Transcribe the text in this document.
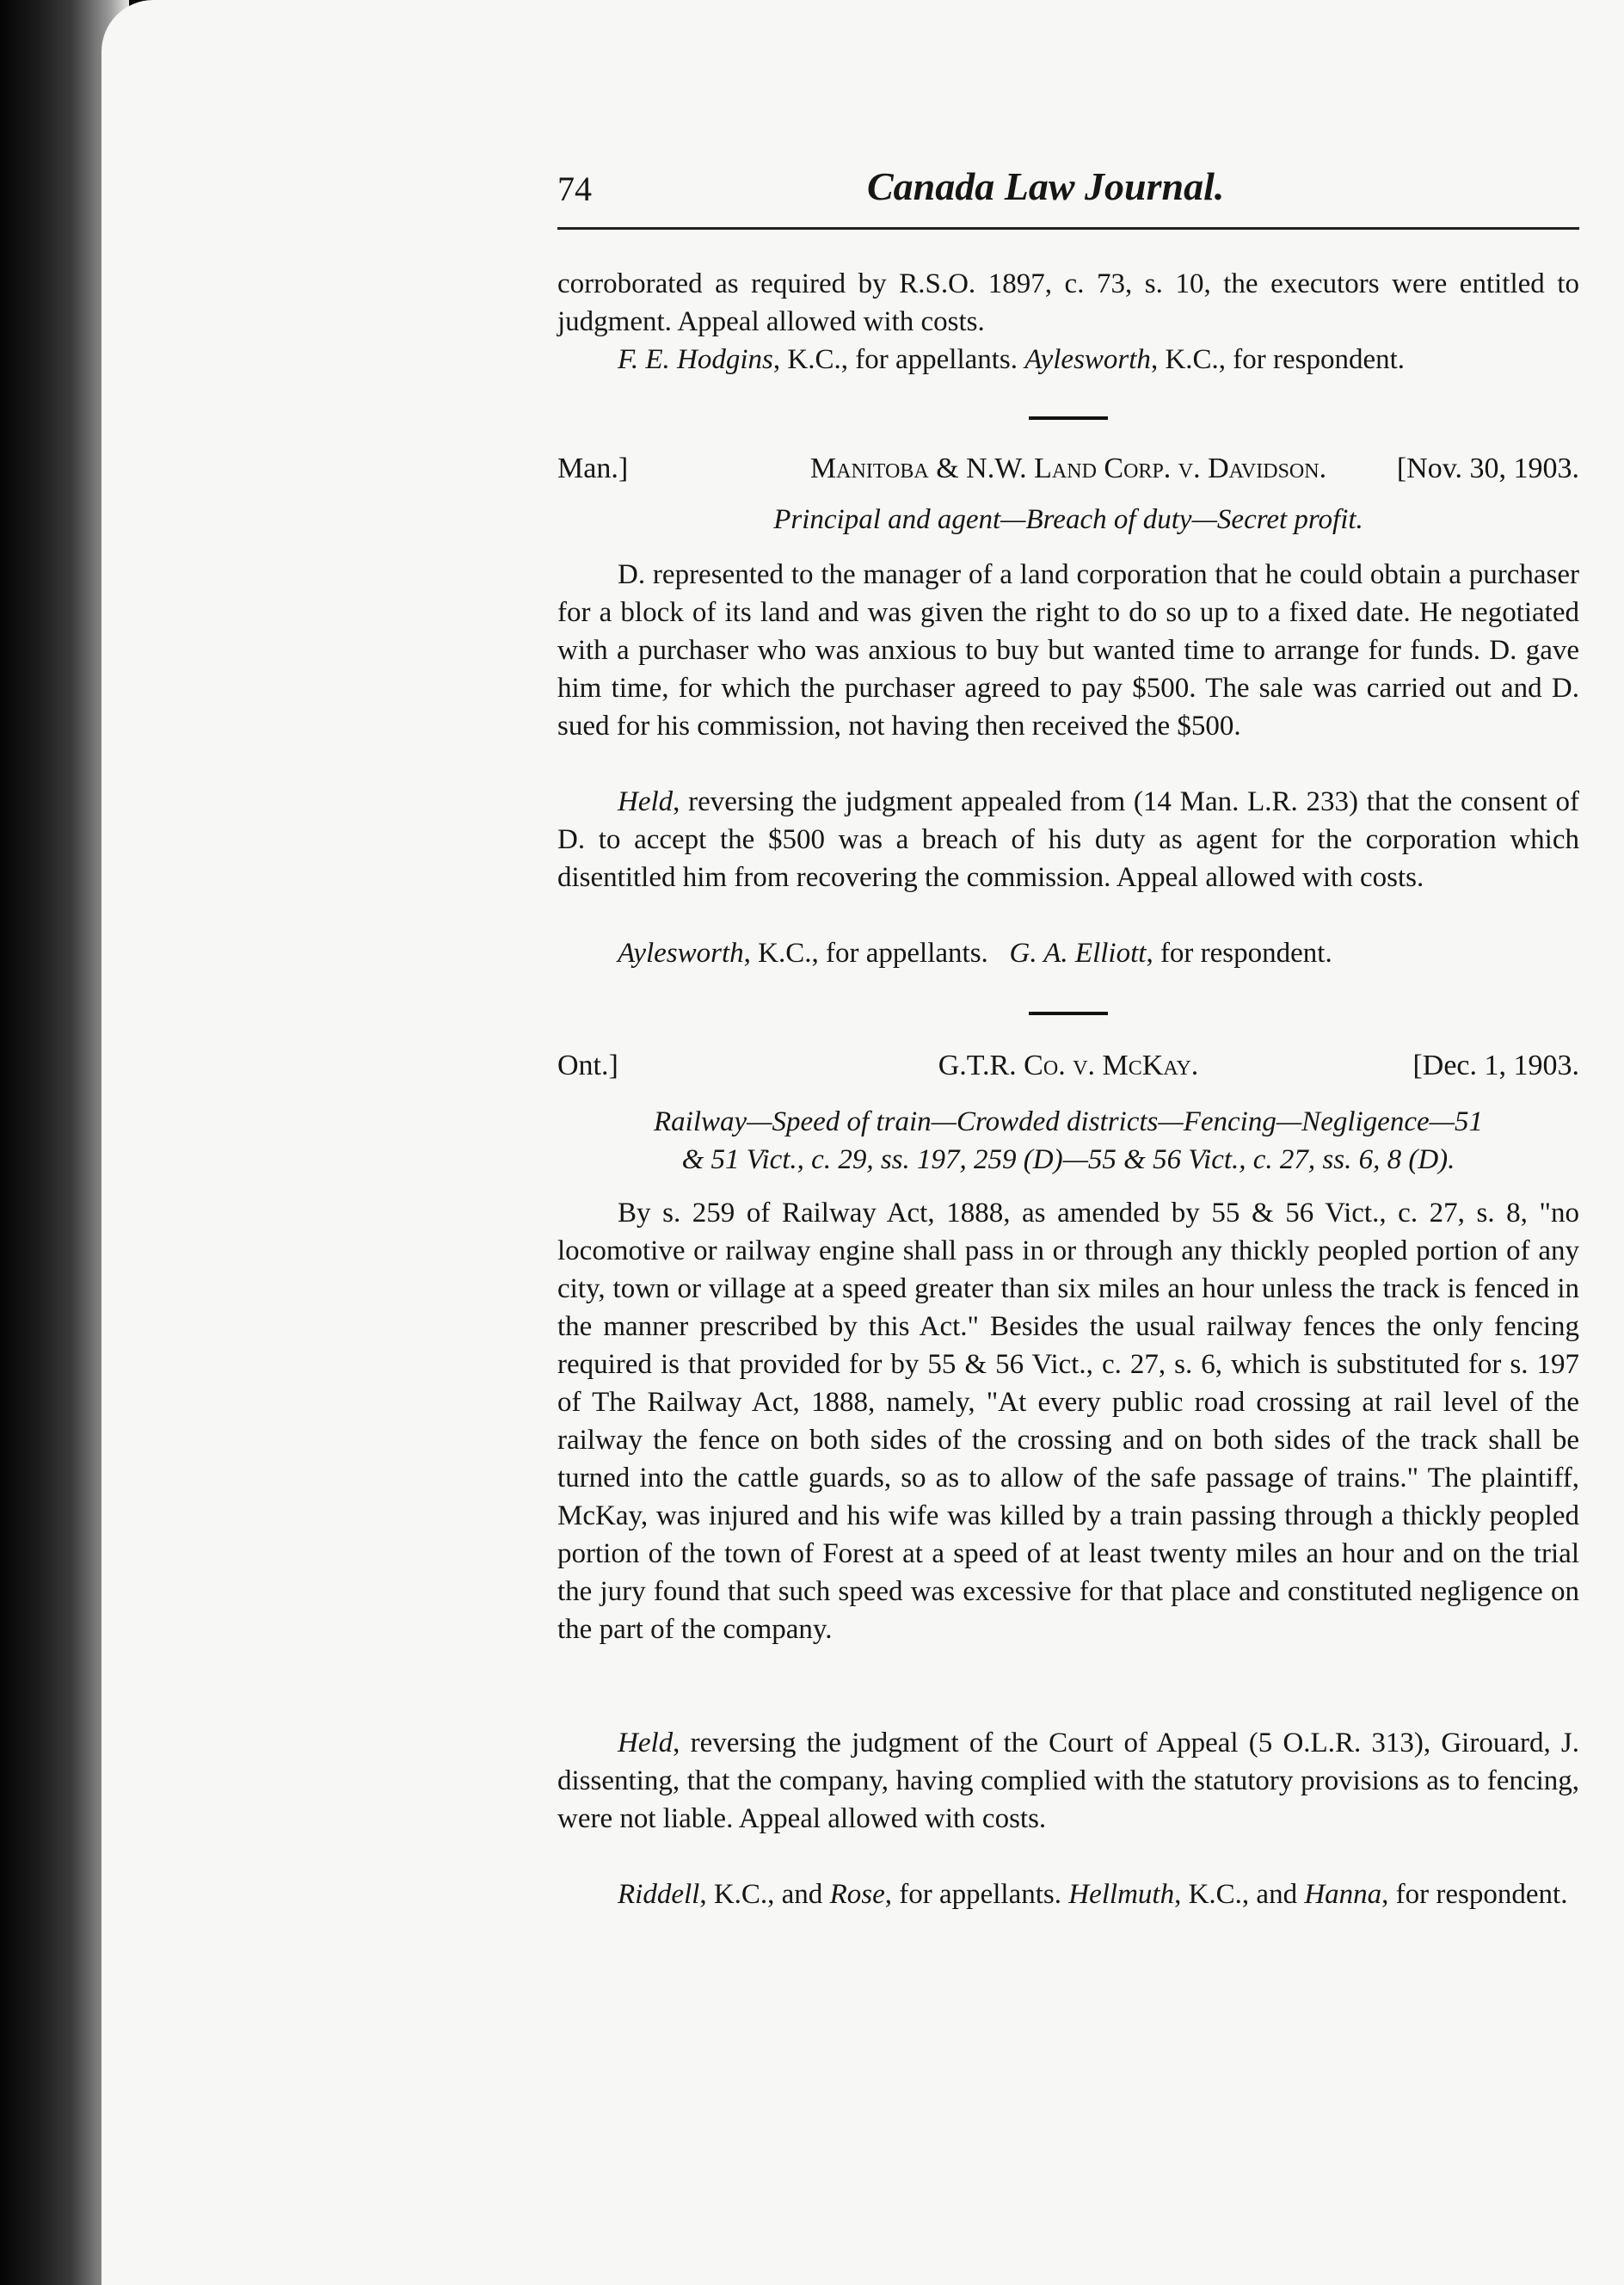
74	Canada Law Journal.

corroborated as required by R.S.O. 1897, c. 73, s. 10, the executors were entitled to judgment. Appeal allowed with costs.

F. E. Hodgins, K.C., for appellants. Aylesworth, K.C., for respondent.
Man.]	Manitoba & N.W. Land Corp. v. Davidson.	[Nov. 30, 1903.
Principal and agent—Breach of duty—Secret profit.

D. represented to the manager of a land corporation that he could obtain a purchaser for a block of its land and was given the right to do so up to a fixed date. He negotiated with a purchaser who was anxious to buy but wanted time to arrange for funds. D. gave him time, for which the purchaser agreed to pay $500. The sale was carried out and D. sued for his commission, not having then received the $500.

Held, reversing the judgment appealed from (14 Man. L.R. 233) that the consent of D. to accept the $500 was a breach of his duty as agent for the corporation which disentitled him from recovering the commission. Appeal allowed with costs.

Aylesworth, K.C., for appellants. G. A. Elliott, for respondent.
Ont.]	G.T.R. Co. v. McKay.	[Dec. 1, 1903.
Railway—Speed of train—Crowded districts—Fencing—Negligence—51
& 51 Vict., c. 29, ss. 197, 259 (D)—55 & 56 Vict., c. 27, ss. 6, 8 (D).

By s. 259 of Railway Act, 1888, as amended by 55 & 56 Vict., c. 27, s. 8, "no locomotive or railway engine shall pass in or through any thickly peopled portion of any city, town or village at a speed greater than six miles an hour unless the track is fenced in the manner prescribed by this Act." Besides the usual railway fences the only fencing required is that provided for by 55 & 56 Vict., c. 27, s. 6, which is substituted for s. 197 of The Railway Act, 1888, namely, "At every public road crossing at rail level of the railway the fence on both sides of the crossing and on both sides of the track shall be turned into the cattle guards, so as to allow of the safe passage of trains." The plaintiff, McKay, was injured and his wife was killed by a train passing through a thickly peopled portion of the town of Forest at a speed of at least twenty miles an hour and on the trial the jury found that such speed was excessive for that place and constituted negligence on the part of the company.

Held, reversing the judgment of the Court of Appeal (5 O.L.R. 313), Girouard, J. dissenting, that the company, having complied with the statutory provisions as to fencing, were not liable. Appeal allowed with costs.

Riddell, K.C., and Rose, for appellants. Hellmuth, K.C., and Hanna, for respondent.
